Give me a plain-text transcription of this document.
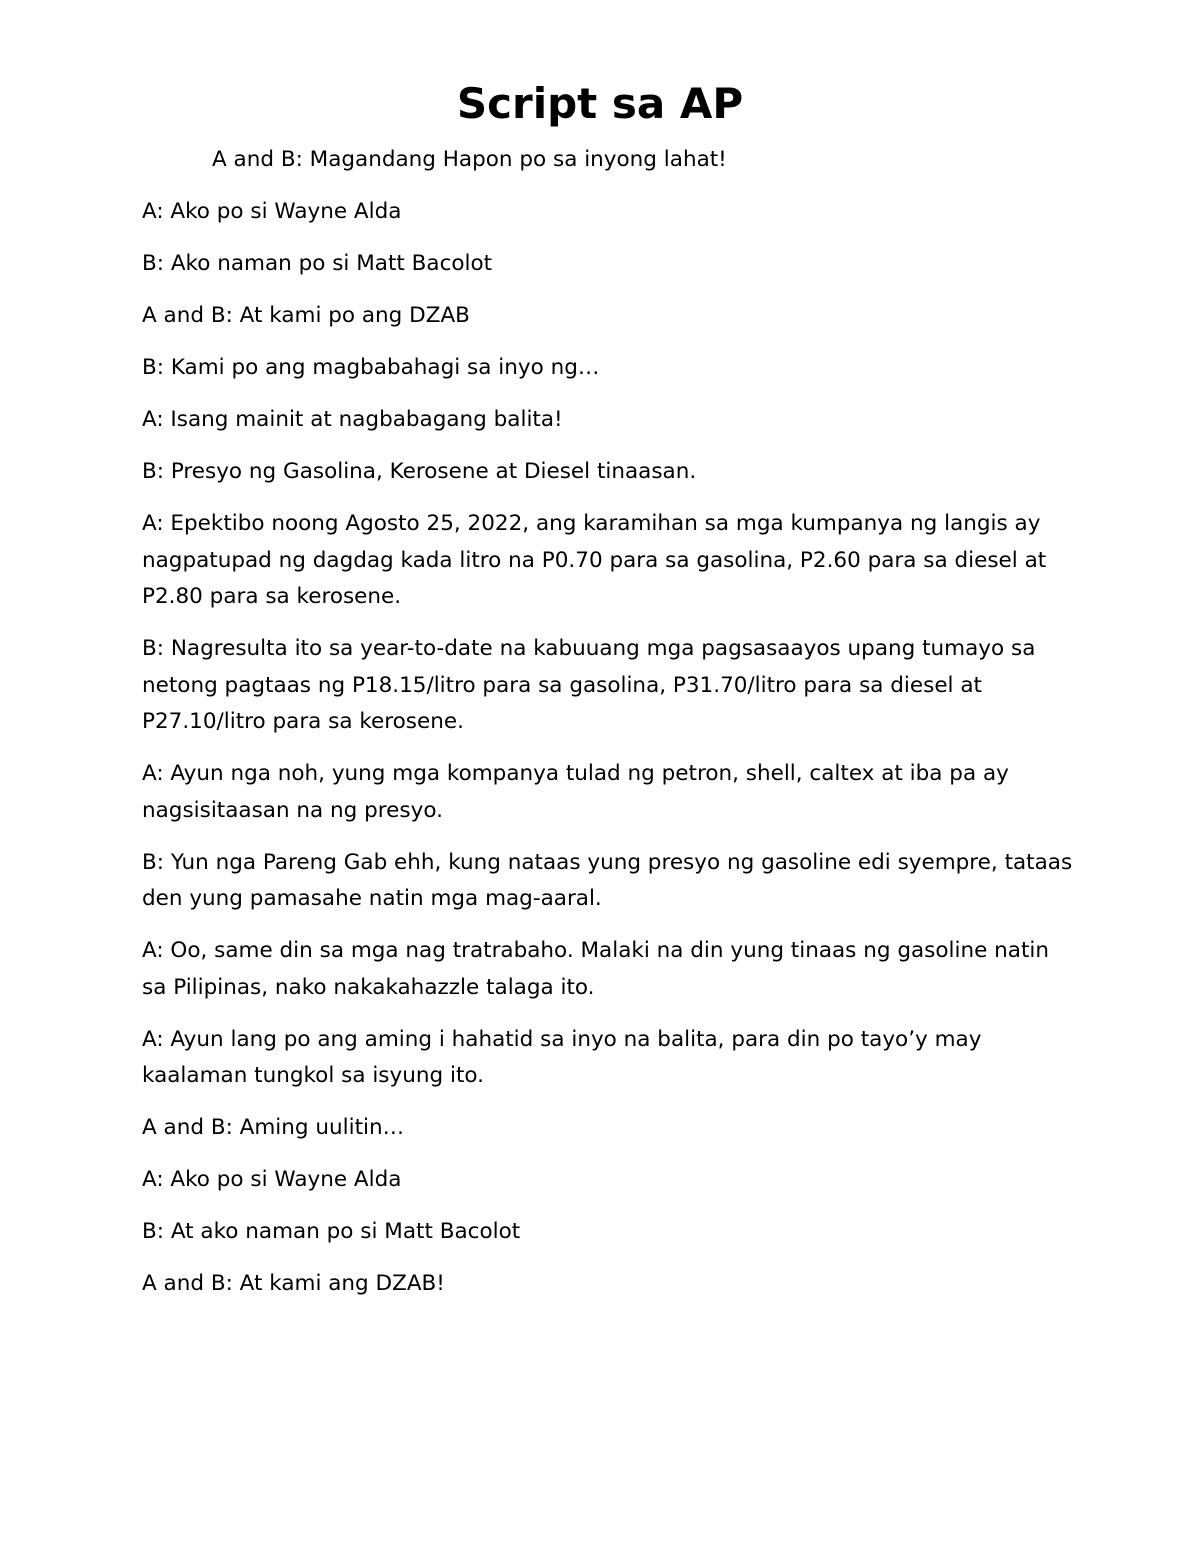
Script sa AP

A and B: Magandang Hapon po sa inyong lahat!

A: Ako po si Wayne Alda

B: Ako naman po si Matt Bacolot

A and B: At kami po ang DZAB

B: Kami po ang magbabahagi sa inyo ng…

A: Isang mainit at nagbabagang balita!

B: Presyo ng Gasolina, Kerosene at Diesel tinaasan.

A: Epektibo noong Agosto 25, 2022, ang karamihan sa mga kumpanya ng langis ay nagpatupad ng dagdag kada litro na P0.70 para sa gasolina, P2.60 para sa diesel at P2.80 para sa kerosene.

B: Nagresulta ito sa year-to-date na kabuuang mga pagsasaayos upang tumayo sa netong pagtaas ng P18.15/litro para sa gasolina, P31.70/litro para sa diesel at P27.10/litro para sa kerosene.

A: Ayun nga noh, yung mga kompanya tulad ng petron, shell, caltex at iba pa ay nagsisitaasan na ng presyo.

B: Yun nga Pareng Gab ehh, kung nataas yung presyo ng gasoline edi syempre, tataas den yung pamasahe natin mga mag-aaral.

A: Oo, same din sa mga nag tratrabaho. Malaki na din yung tinaas ng gasoline natin sa Pilipinas, nako nakakahazzle talaga ito.

A: Ayun lang po ang aming i hahatid sa inyo na balita, para din po tayo’y may kaalaman tungkol sa isyung ito.

A and B: Aming uulitin…

A: Ako po si Wayne Alda

B: At ako naman po si Matt Bacolot

A and B: At kami ang DZAB!
